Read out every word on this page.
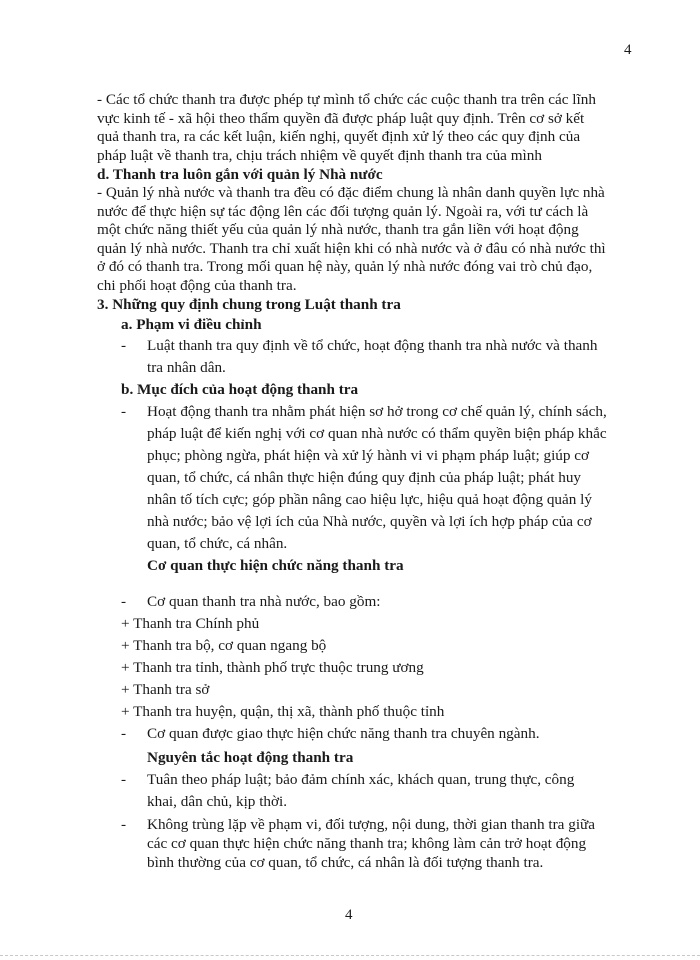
4

- Các tổ chức thanh tra được phép tự mình tổ chức các cuộc thanh tra trên các lĩnh vực kinh tế - xã hội theo thẩm quyền đã được pháp luật quy định. Trên cơ sở kết quả thanh tra, ra các kết luận, kiến nghị, quyết định xử lý theo các quy định của pháp luật về thanh tra, chịu trách nhiệm về quyết định thanh tra của mình

d. Thanh tra luôn gắn với quản lý Nhà nước

- Quản lý nhà nước và thanh tra đều có đặc điểm chung là nhân danh quyền lực nhà nước để thực hiện sự tác động lên các đối tượng quản lý. Ngoài ra, với tư cách là một chức năng thiết yếu của quản lý nhà nước, thanh tra gắn liền với hoạt động quản lý nhà nước. Thanh tra chỉ xuất hiện khi có nhà nước và ở đâu có nhà nước thì ở đó có thanh tra. Trong mối quan hệ này, quản lý nhà nước đóng vai trò chủ đạo, chi phối hoạt động của thanh tra.

3. Những quy định chung trong Luật thanh tra

a. Phạm vi điều chỉnh

-	Luật thanh tra quy định về tổ chức, hoạt động thanh tra nhà nước và thanh tra nhân dân.

b. Mục đích của hoạt động thanh tra

-	Hoạt động thanh tra nhằm phát hiện sơ hở trong cơ chế quản lý, chính sách, pháp luật để kiến nghị với cơ quan nhà nước có thẩm quyền biện pháp khắc phục; phòng ngừa, phát hiện và xử lý hành vi vi phạm pháp luật; giúp cơ quan, tổ chức, cá nhân thực hiện đúng quy định của pháp luật; phát huy nhân tố tích cực; góp phần nâng cao hiệu lực, hiệu quả hoạt động quản lý nhà nước; bảo vệ lợi ích của Nhà nước, quyền và lợi ích hợp pháp của cơ quan, tổ chức, cá nhân.

Cơ quan thực hiện chức năng thanh tra

-	Cơ quan thanh tra nhà nước, bao gồm:

+ Thanh tra Chính phủ

+ Thanh tra bộ, cơ quan ngang bộ

+ Thanh tra tỉnh, thành phố trực thuộc trung ương

+ Thanh tra sở

+ Thanh tra huyện, quận, thị xã, thành phố thuộc tỉnh

-	Cơ quan được giao thực hiện chức năng thanh tra chuyên ngành.

Nguyên tắc hoạt động thanh tra

-	Tuân theo pháp luật; bảo đảm chính xác, khách quan, trung thực, công khai, dân chủ, kịp thời.
-	Không trùng lặp về phạm vi, đối tượng, nội dung, thời gian thanh tra giữa các cơ quan thực hiện chức năng thanh tra; không làm cản trở hoạt động bình thường của cơ quan, tổ chức, cá nhân là đối tượng thanh tra.
4
